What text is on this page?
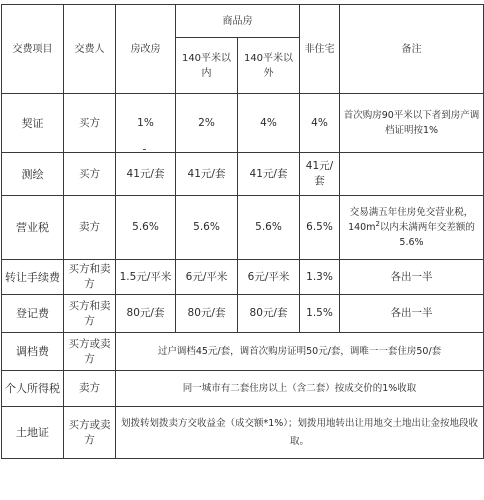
交费项目	交费人	房改房	商品房		非住宅	备注
			140平米以内	140平米以外		
契证	买方	1%	2%	4%	4%	首次购房90平米以下者到房产调档证明按1%
测绘	买方	41元/套	41元/套	41元/套	41元/套	
营业税	卖方	5.6%	5.6%	5.6%	6.5%	交易满五年住房免交营业税，$140m^2$以内未满两年交差额的5.6%
转让手续费	买方和卖方	1.5元/平米	6元/平米	6元/平米	1.3%	各出一半
登记费	买方和卖方	80元/套	80元/套	80元/套	1.5%	各出一半
调档费	买方或卖方	过户调档45元/套，调首次购房证明50元/套，调唯一一套住房50/套				
个人所得税	卖方	同一城市有二套住房以上（含二套）按成交价的1%收取				
土地证	买方或卖方	划拨转划拨卖方交收益金（成交额*1%）；划拨用地转出让用地交土地出让金按地段收取。				
